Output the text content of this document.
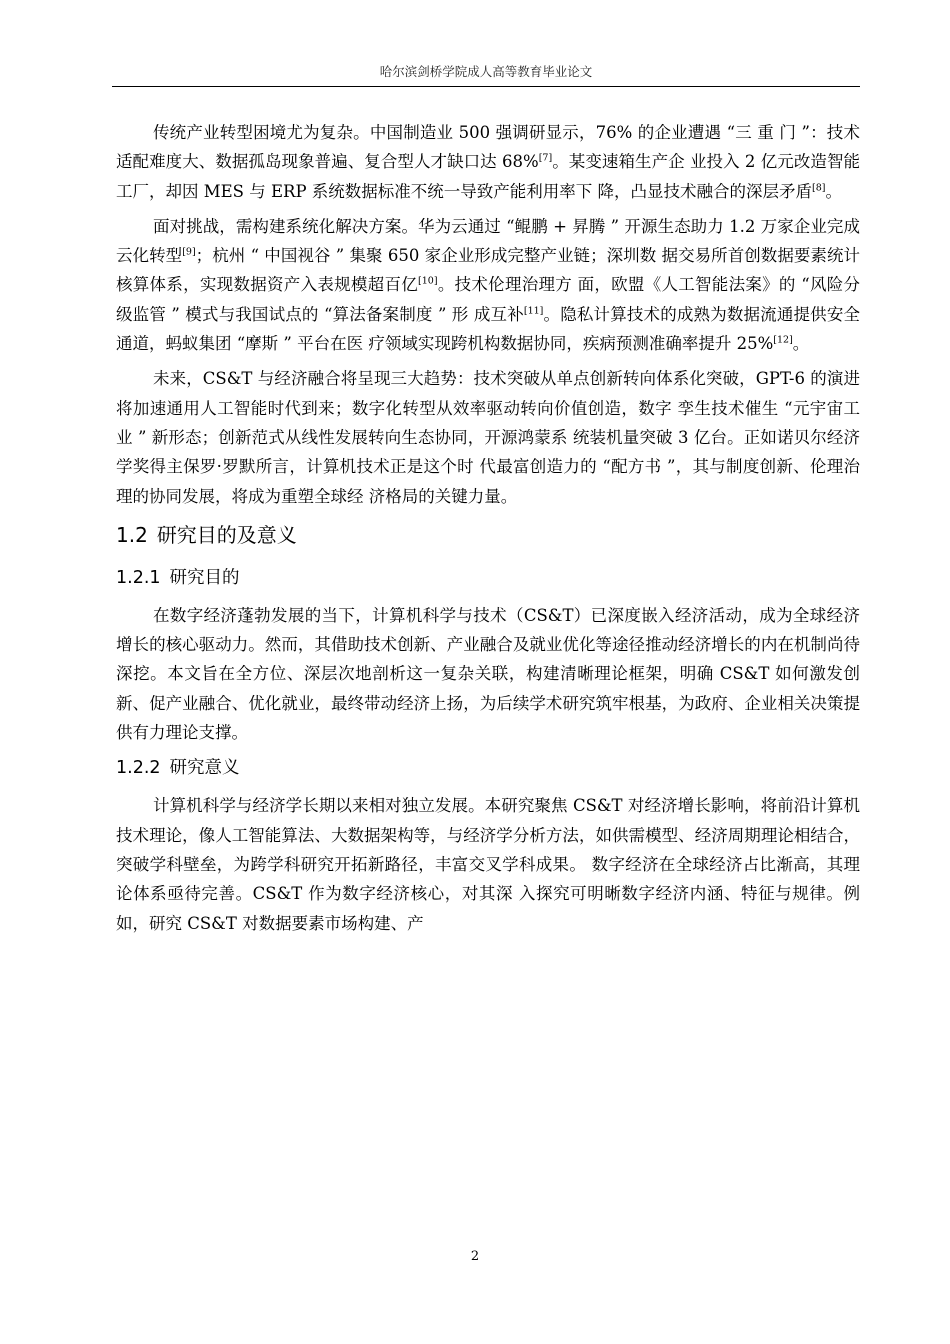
哈尔滨剑桥学院成人高等教育毕业论文

传统产业转型困境尤为复杂。中国制造业 500 强调研显示，76% 的企业遭遇 “三 重 门 ”：技术适配难度大、数据孤岛现象普遍、复合型人才缺口达 68%[7]。某变速箱生产企 业投入 2 亿元改造智能工厂，却因 MES 与 ERP 系统数据标准不统一导致产能利用率下 降，凸显技术融合的深层矛盾[8]。

面对挑战，需构建系统化解决方案。华为云通过 “鲲鹏 + 昇腾 ” 开源生态助力 1.2 万家企业完成云化转型[9]；杭州 “ 中国视谷 ” 集聚 650 家企业形成完整产业链；深圳数 据交易所首创数据要素统计核算体系，实现数据资产入表规模超百亿[10]。技术伦理治理方 面，欧盟《人工智能法案》的 “风险分级监管 ” 模式与我国试点的 “算法备案制度 ” 形 成互补[11]。隐私计算技术的成熟为数据流通提供安全通道，蚂蚁集团 “摩斯 ” 平台在医 疗领域实现跨机构数据协同，疾病预测准确率提升 25%[12]。

未来，CS&T 与经济融合将呈现三大趋势：技术突破从单点创新转向体系化突破，GPT-6 的演进将加速通用人工智能时代到来；数字化转型从效率驱动转向价值创造，数字 孪生技术催生 “元宇宙工业 ” 新形态；创新范式从线性发展转向生态协同，开源鸿蒙系 统装机量突破 3 亿台。正如诺贝尔经济学奖得主保罗·罗默所言，计算机技术正是这个时 代最富创造力的 “配方书 ”，其与制度创新、伦理治理的协同发展，将成为重塑全球经 济格局的关键力量。

1.2 研究目的及意义
1.2.1 研究目的

在数字经济蓬勃发展的当下，计算机科学与技术（CS&T）已深度嵌入经济活动，成为全球经济增长的核心驱动力。然而，其借助技术创新、产业融合及就业优化等途径推动经济增长的内在机制尚待深挖。本文旨在全方位、深层次地剖析这一复杂关联，构建清晰理论框架，明确 CS&T 如何激发创新、促产业融合、优化就业，最终带动经济上扬，为后续学术研究筑牢根基，为政府、企业相关决策提供有力理论支撑。

1.2.2 研究意义

计算机科学与经济学长期以来相对独立发展。本研究聚焦 CS&T 对经济增长影响，将前沿计算机技术理论，像人工智能算法、大数据架构等，与经济学分析方法，如供需模型、经济周期理论相结合，突破学科壁垒，为跨学科研究开拓新路径，丰富交叉学科成果。 数字经济在全球经济占比渐高，其理论体系亟待完善。CS&T 作为数字经济核心，对其深 入探究可明晰数字经济内涵、特征与规律。例如，研究 CS&T 对数据要素市场构建、产

2
